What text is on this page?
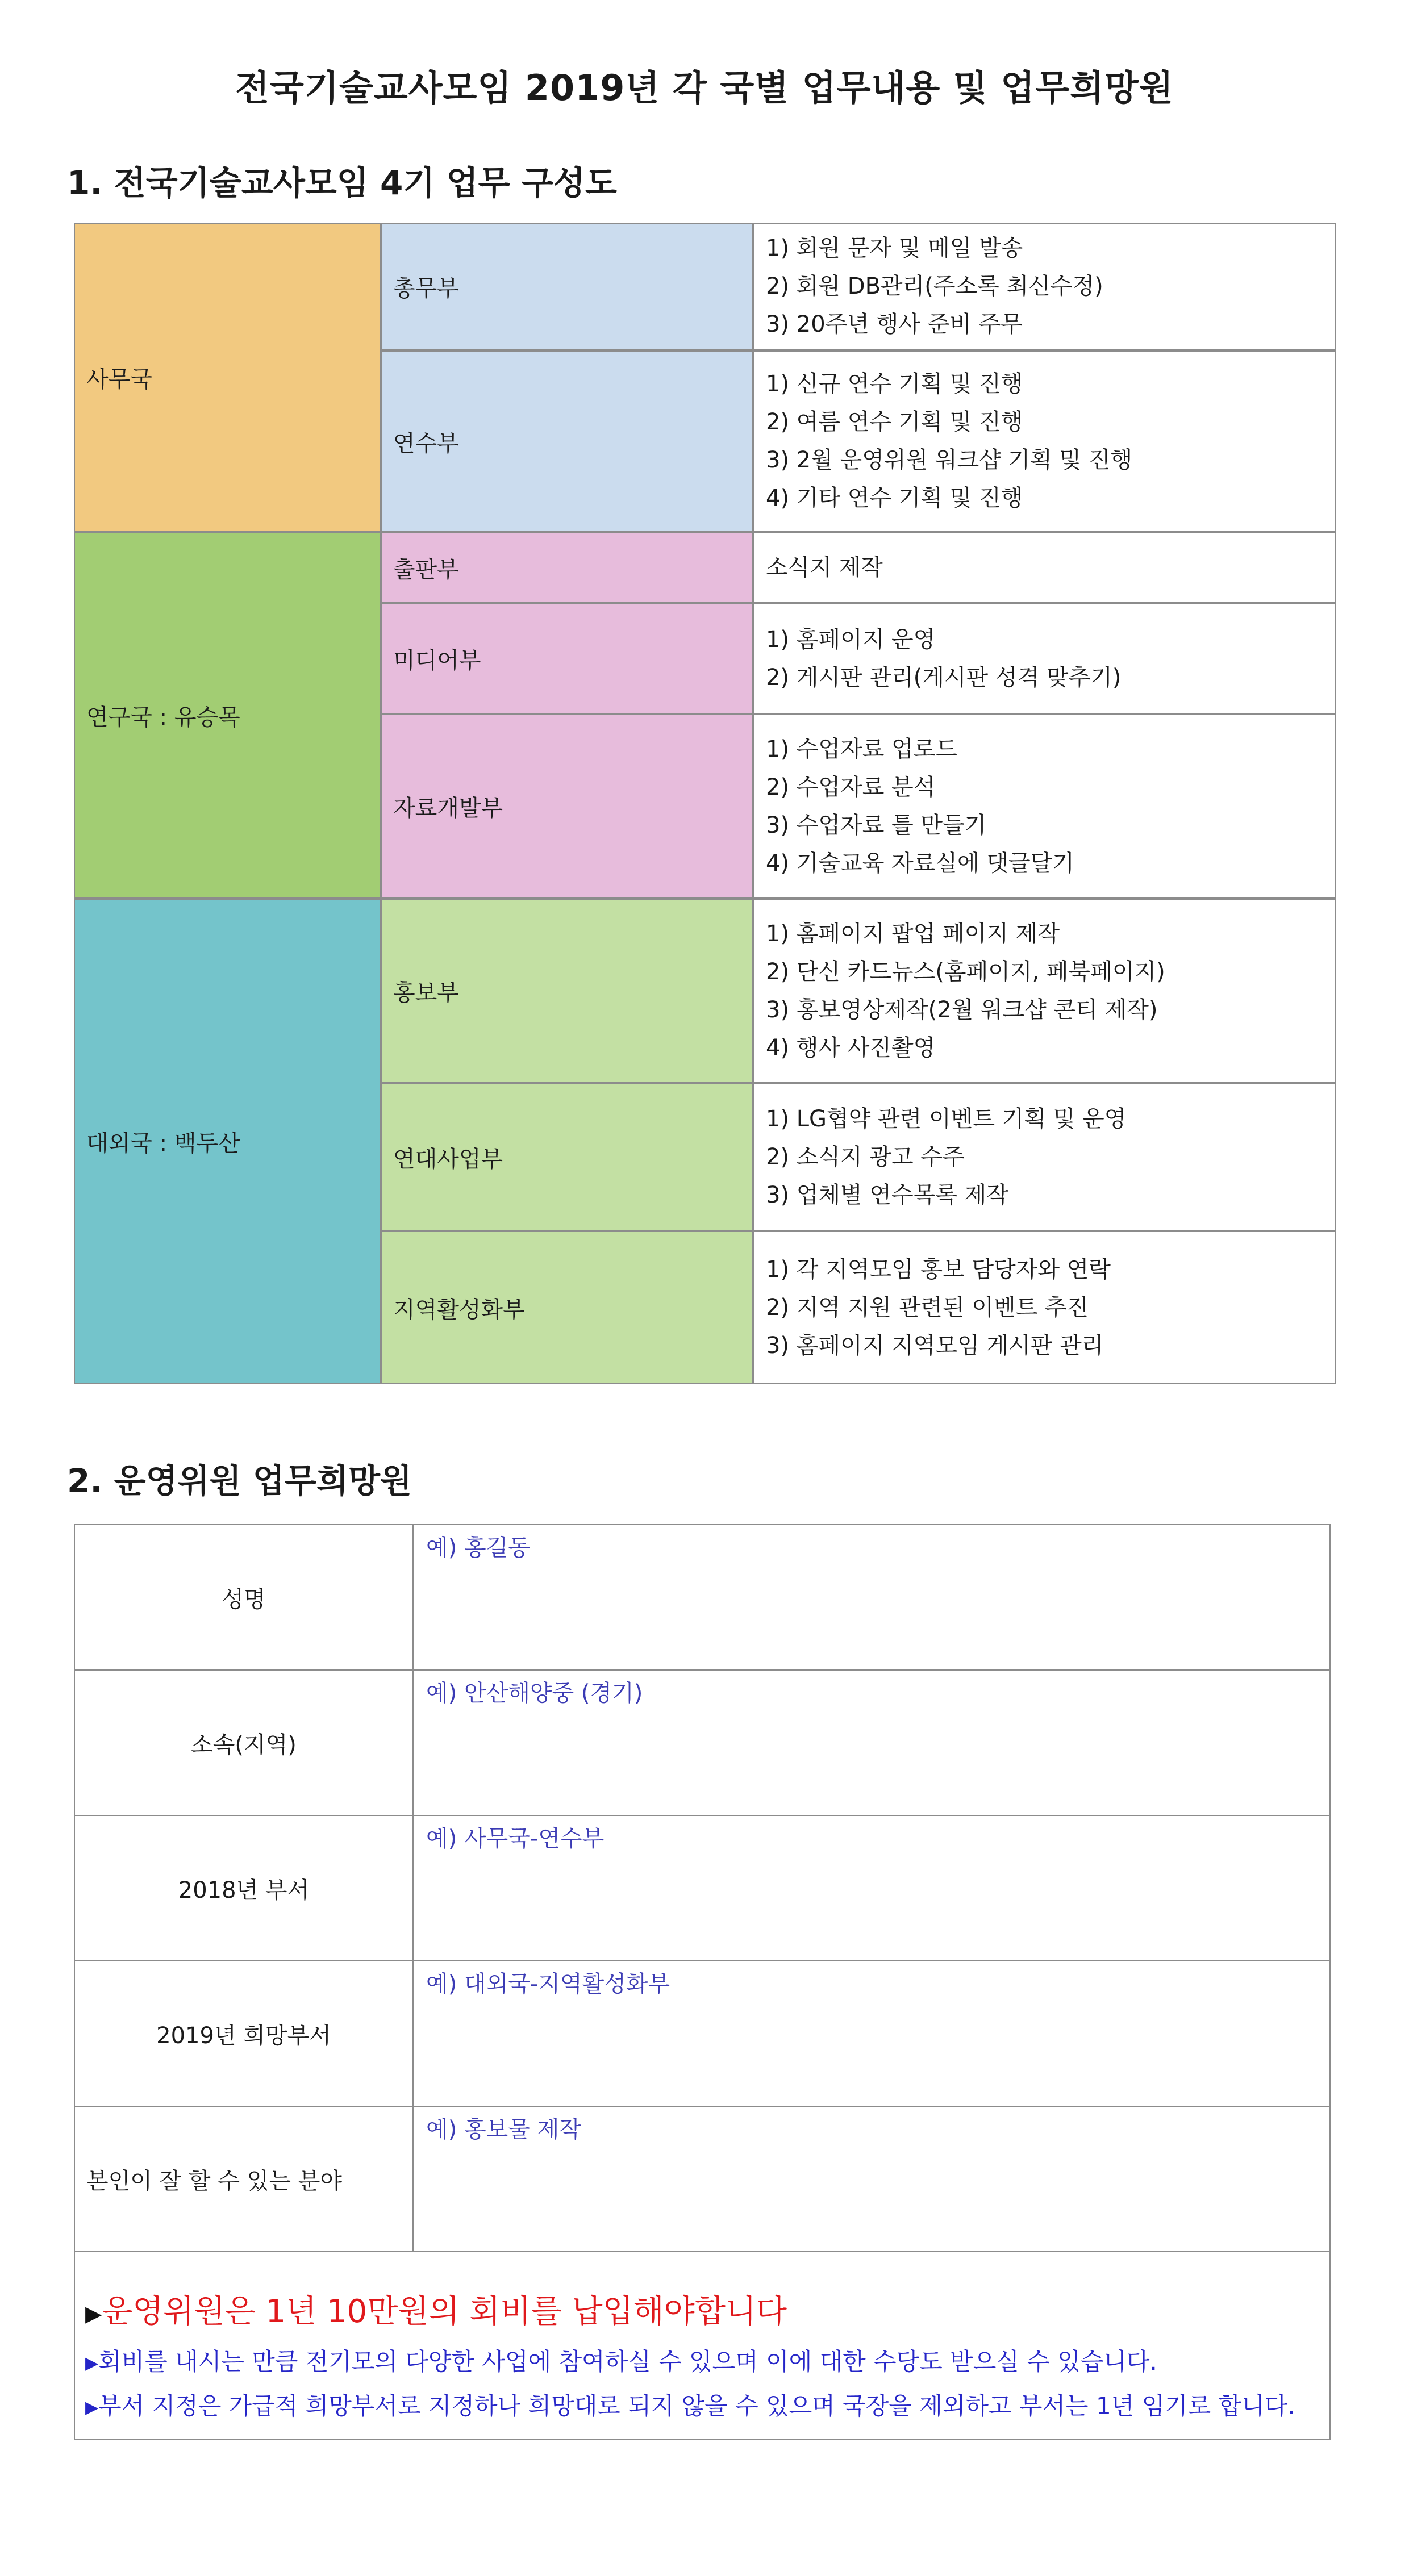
전국기술교사모임 2019년 각 국별 업무내용 및 업무희망원
1. 전국기술교사모임 4기 업무 구성도
사무국
연구국 : 유승목
대외국 : 백두산
총무부
연수부
출판부
미디어부
자료개발부
홍보부
연대사업부
지역활성화부
1) 회원 문자 및 메일 발송
2) 회원 DB관리(주소록 최신수정)
3) 20주년 행사 준비 주무
1) 신규 연수 기획 및 진행
2) 여름 연수 기획 및 진행
3) 2월 운영위원 워크샵 기획 및 진행
4) 기타 연수 기획 및 진행
소식지 제작
1) 홈페이지 운영
2) 게시판 관리(게시판 성격 맞추기)
1) 수업자료 업로드
2) 수업자료 분석
3) 수업자료 틀 만들기
4) 기술교육 자료실에 댓글달기
1) 홈페이지 팝업 페이지 제작
2) 단신 카드뉴스(홈페이지, 페북페이지)
3) 홍보영상제작(2월 워크샵 콘티 제작)
4) 행사 사진촬영
1) LG협약 관련 이벤트 기획 및 운영
2) 소식지 광고 수주
3) 업체별 연수목록 제작
1) 각 지역모임 홍보 담당자와 연락
2) 지역 지원 관련된 이벤트 추진
3) 홈페이지 지역모임 게시판 관리
2. 운영위원 업무희망원
성명
예) 홍길동
소속(지역)
예) 안산해양중 (경기)
2018년 부서
예) 사무국-연수부
2019년 희망부서
예) 대외국-지역활성화부
본인이 잘 할 수 있는 분야
예) 홍보물 제작
▶운영위원은 1년 10만원의 회비를 납입해야합니다
▶회비를 내시는 만큼 전기모의 다양한 사업에 참여하실 수 있으며 이에 대한 수당도 받으실 수 있습니다.
▶부서 지정은 가급적 희망부서로 지정하나 희망대로 되지 않을 수 있으며 국장을 제외하고 부서는 1년 임기로 합니다.
